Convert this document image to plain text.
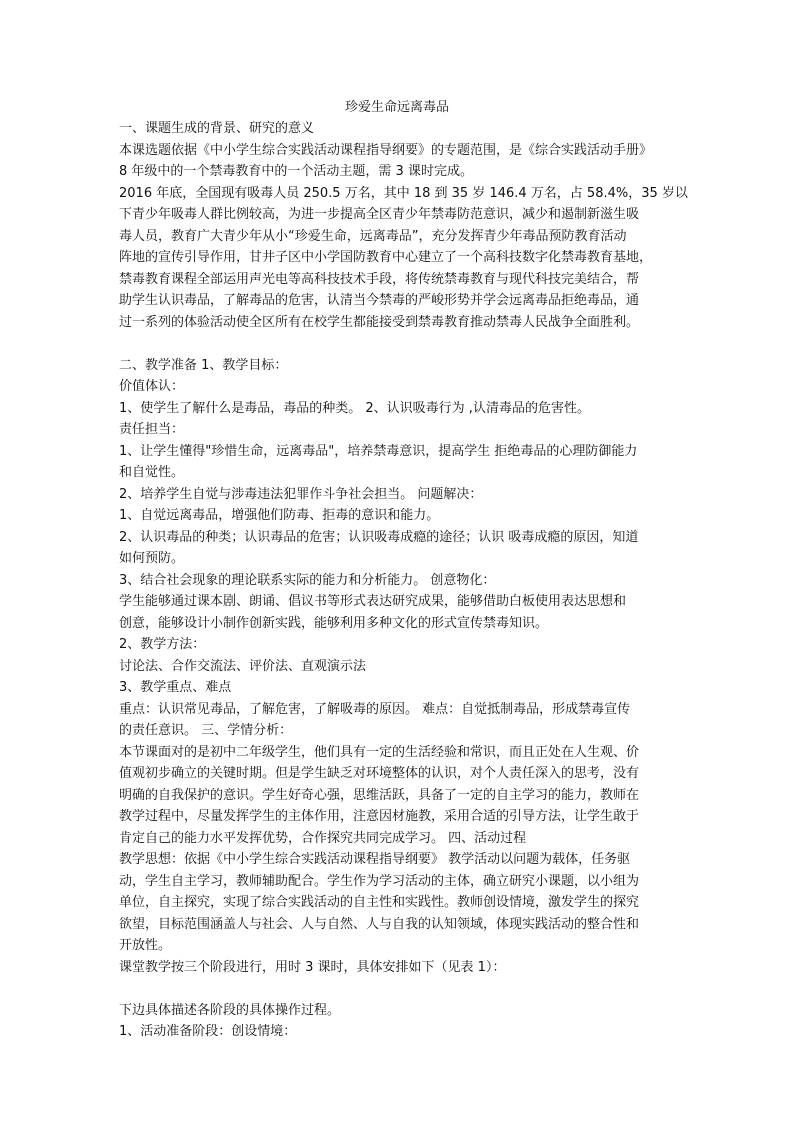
珍爱生命远离毒品
一、课题生成的背景、研究的意义
本课选题依据《中小学生综合实践活动课程指导纲要》的专题范围，是《综合实践活动手册》
8 年级中的一个禁毒教育中的一个活动主题，需 3 课时完成。
2016 年底，全国现有吸毒人员 250.5 万名，其中 18 到 35 岁 146.4 万名，占 58.4%，35 岁以
下青少年吸毒人群比例较高，为进一步提高全区青少年禁毒防范意识，减少和遏制新滋生吸
毒人员，教育广大青少年从小“珍爱生命，远离毒品”，充分发挥青少年毒品预防教育活动
阵地的宣传引导作用，甘井子区中小学国防教育中心建立了一个高科技数字化禁毒教育基地，
禁毒教育课程全部运用声光电等高科技技术手段，将传统禁毒教育与现代科技完美结合，帮
助学生认识毒品，了解毒品的危害，认清当今禁毒的严峻形势并学会远离毒品拒绝毒品，通
过一系列的体验活动使全区所有在校学生都能接受到禁毒教育推动禁毒人民战争全面胜利。
二、教学准备 1、教学目标：
价值体认：
1、使学生了解什么是毒品，毒品的种类。 2、认识吸毒行为 ,认清毒品的危害性。
责任担当：
1、让学生懂得"珍惜生命，远离毒品"，培养禁毒意识，提高学生 拒绝毒品的心理防御能力
和自觉性。
2、培养学生自觉与涉毒违法犯罪作斗争社会担当。 问题解决：
1、自觉远离毒品，增强他们防毒、拒毒的意识和能力。
2、认识毒品的种类；认识毒品的危害；认识吸毒成瘾的途径；认识 吸毒成瘾的原因，知道
如何预防。
3、结合社会现象的理论联系实际的能力和分析能力。 创意物化：
学生能够通过课本剧、朗诵、倡议书等形式表达研究成果，能够借助白板使用表达思想和
创意，能够设计小制作创新实践，能够利用多种文化的形式宣传禁毒知识。
2、教学方法：
讨论法、合作交流法、评价法、直观演示法
3、教学重点、难点
重点：认识常见毒品，了解危害，了解吸毒的原因。 难点：自觉抵制毒品，形成禁毒宣传
的责任意识。 三、学情分析：
本节课面对的是初中二年级学生，他们具有一定的生活经验和常识，而且正处在人生观、价
值观初步确立的关键时期。但是学生缺乏对环境整体的认识，对个人责任深入的思考，没有
明确的自我保护的意识。学生好奇心强，思维活跃，具备了一定的自主学习的能力，教师在
教学过程中，尽量发挥学生的主体作用，注意因材施教，采用合适的引导方法，让学生敢于
肯定自己的能力水平发挥优势，合作探究共同完成学习。 四、活动过程
教学思想：依据《中小学生综合实践活动课程指导纲要》 教学活动以问题为载体，任务驱
动，学生自主学习，教师辅助配合。学生作为学习活动的主体，确立研究小课题，以小组为
单位，自主探究，实现了综合实践活动的自主性和实践性。教师创设情境，激发学生的探究
欲望，目标范围涵盖人与社会、人与自然、人与自我的认知领域，体现实践活动的整合性和
开放性。
课堂教学按三个阶段进行，用时 3 课时，具体安排如下（见表 1）：
下边具体描述各阶段的具体操作过程。
1、活动准备阶段：创设情境：
